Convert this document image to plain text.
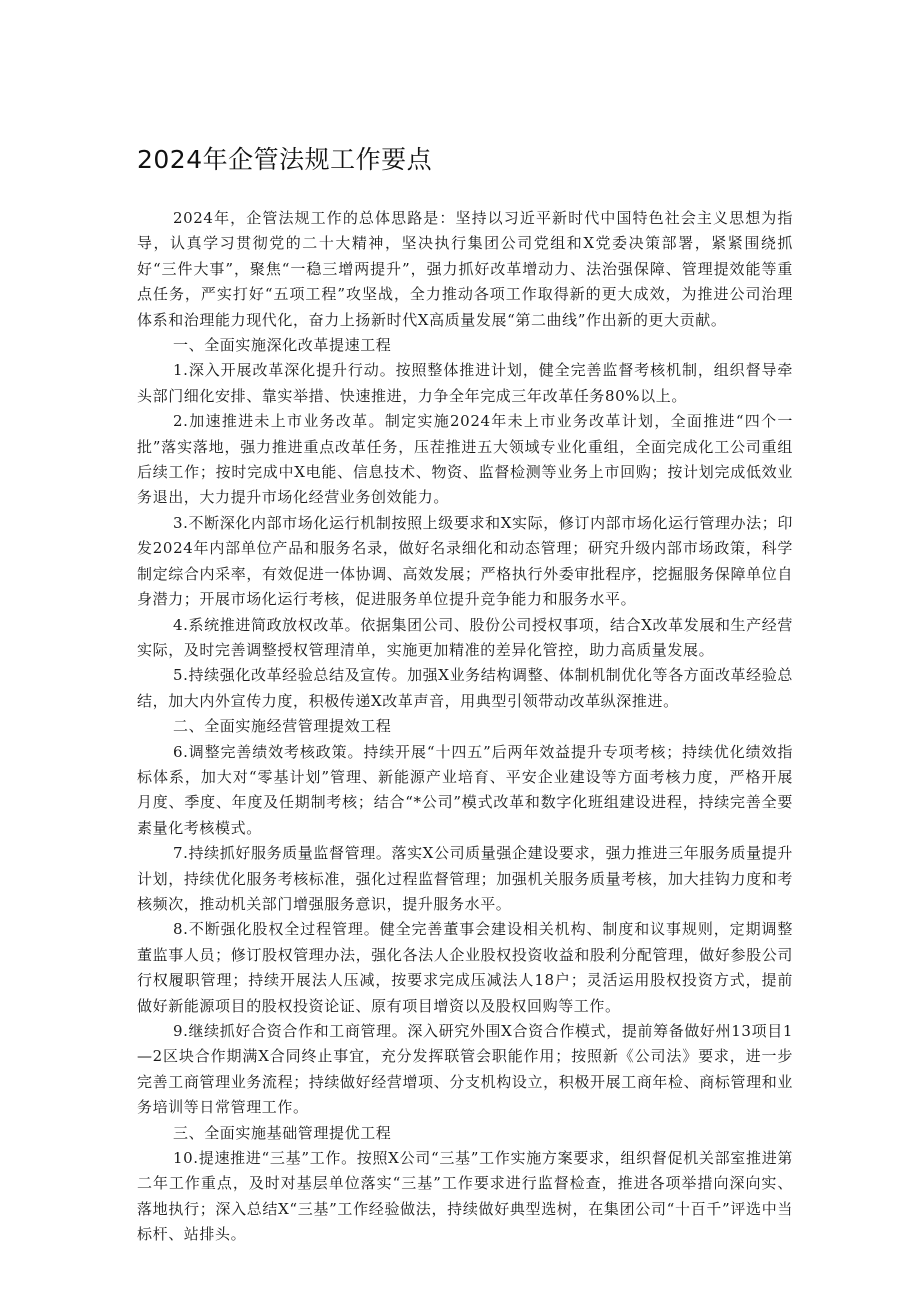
2024年企管法规工作要点

2024年，企管法规工作的总体思路是：坚持以习近平新时代中国特色社会主义思想为指导，认真学习贯彻党的二十大精神，坚决执行集团公司党组和X党委决策部署，紧紧围绕抓好“三件大事”，聚焦“一稳三增两提升”，强力抓好改革增动力、法治强保障、管理提效能等重点任务，严实打好“五项工程”攻坚战，全力推动各项工作取得新的更大成效，为推进公司治理体系和治理能力现代化，奋力上扬新时代X高质量发展“第二曲线”作出新的更大贡献。

一、全面实施深化改革提速工程

1.深入开展改革深化提升行动。按照整体推进计划，健全完善监督考核机制，组织督导牵头部门细化安排、靠实举措、快速推进，力争全年完成三年改革任务80%以上。

2.加速推进未上市业务改革。制定实施2024年未上市业务改革计划，全面推进“四个一批”落实落地，强力推进重点改革任务，压茬推进五大领域专业化重组，全面完成化工公司重组后续工作；按时完成中X电能、信息技术、物资、监督检测等业务上市回购；按计划完成低效业务退出，大力提升市场化经营业务创效能力。

3.不断深化内部市场化运行机制按照上级要求和X实际，修订内部市场化运行管理办法；印发2024年内部单位产品和服务名录，做好名录细化和动态管理；研究升级内部市场政策，科学制定综合内采率，有效促进一体协调、高效发展；严格执行外委审批程序，挖掘服务保障单位自身潜力；开展市场化运行考核，促进服务单位提升竞争能力和服务水平。

4.系统推进简政放权改革。依据集团公司、股份公司授权事项，结合X改革发展和生产经营实际，及时完善调整授权管理清单，实施更加精准的差异化管控，助力高质量发展。

5.持续强化改革经验总结及宣传。加强X业务结构调整、体制机制优化等各方面改革经验总结，加大内外宣传力度，积极传递X改革声音，用典型引领带动改革纵深推进。

二、全面实施经营管理提效工程

6.调整完善绩效考核政策。持续开展“十四五”后两年效益提升专项考核；持续优化绩效指标体系，加大对“零基计划”管理、新能源产业培育、平安企业建设等方面考核力度，严格开展月度、季度、年度及任期制考核；结合“*公司”模式改革和数字化班组建设进程，持续完善全要素量化考核模式。

7.持续抓好服务质量监督管理。落实X公司质量强企建设要求，强力推进三年服务质量提升计划，持续优化服务考核标准，强化过程监督管理；加强机关服务质量考核，加大挂钩力度和考核频次，推动机关部门增强服务意识，提升服务水平。

8.不断强化股权全过程管理。健全完善董事会建设相关机构、制度和议事规则，定期调整董监事人员；修订股权管理办法，强化各法人企业股权投资收益和股利分配管理，做好参股公司行权履职管理；持续开展法人压减，按要求完成压减法人18户；灵活运用股权投资方式，提前做好新能源项目的股权投资论证、原有项目增资以及股权回购等工作。

9.继续抓好合资合作和工商管理。深入研究外围X合资合作模式，提前筹备做好州13项目1—2区块合作期满X合同终止事宜，充分发挥联管会职能作用；按照新《公司法》要求，进一步完善工商管理业务流程；持续做好经营增项、分支机构设立，积极开展工商年检、商标管理和业务培训等日常管理工作。

三、全面实施基础管理提优工程

10.提速推进“三基”工作。按照X公司“三基”工作实施方案要求，组织督促机关部室推进第二年工作重点，及时对基层单位落实“三基”工作要求进行监督检查，推进各项举措向深向实、落地执行；深入总结X“三基”工作经验做法，持续做好典型选树，在集团公司“十百千”评选中当标杆、站排头。
